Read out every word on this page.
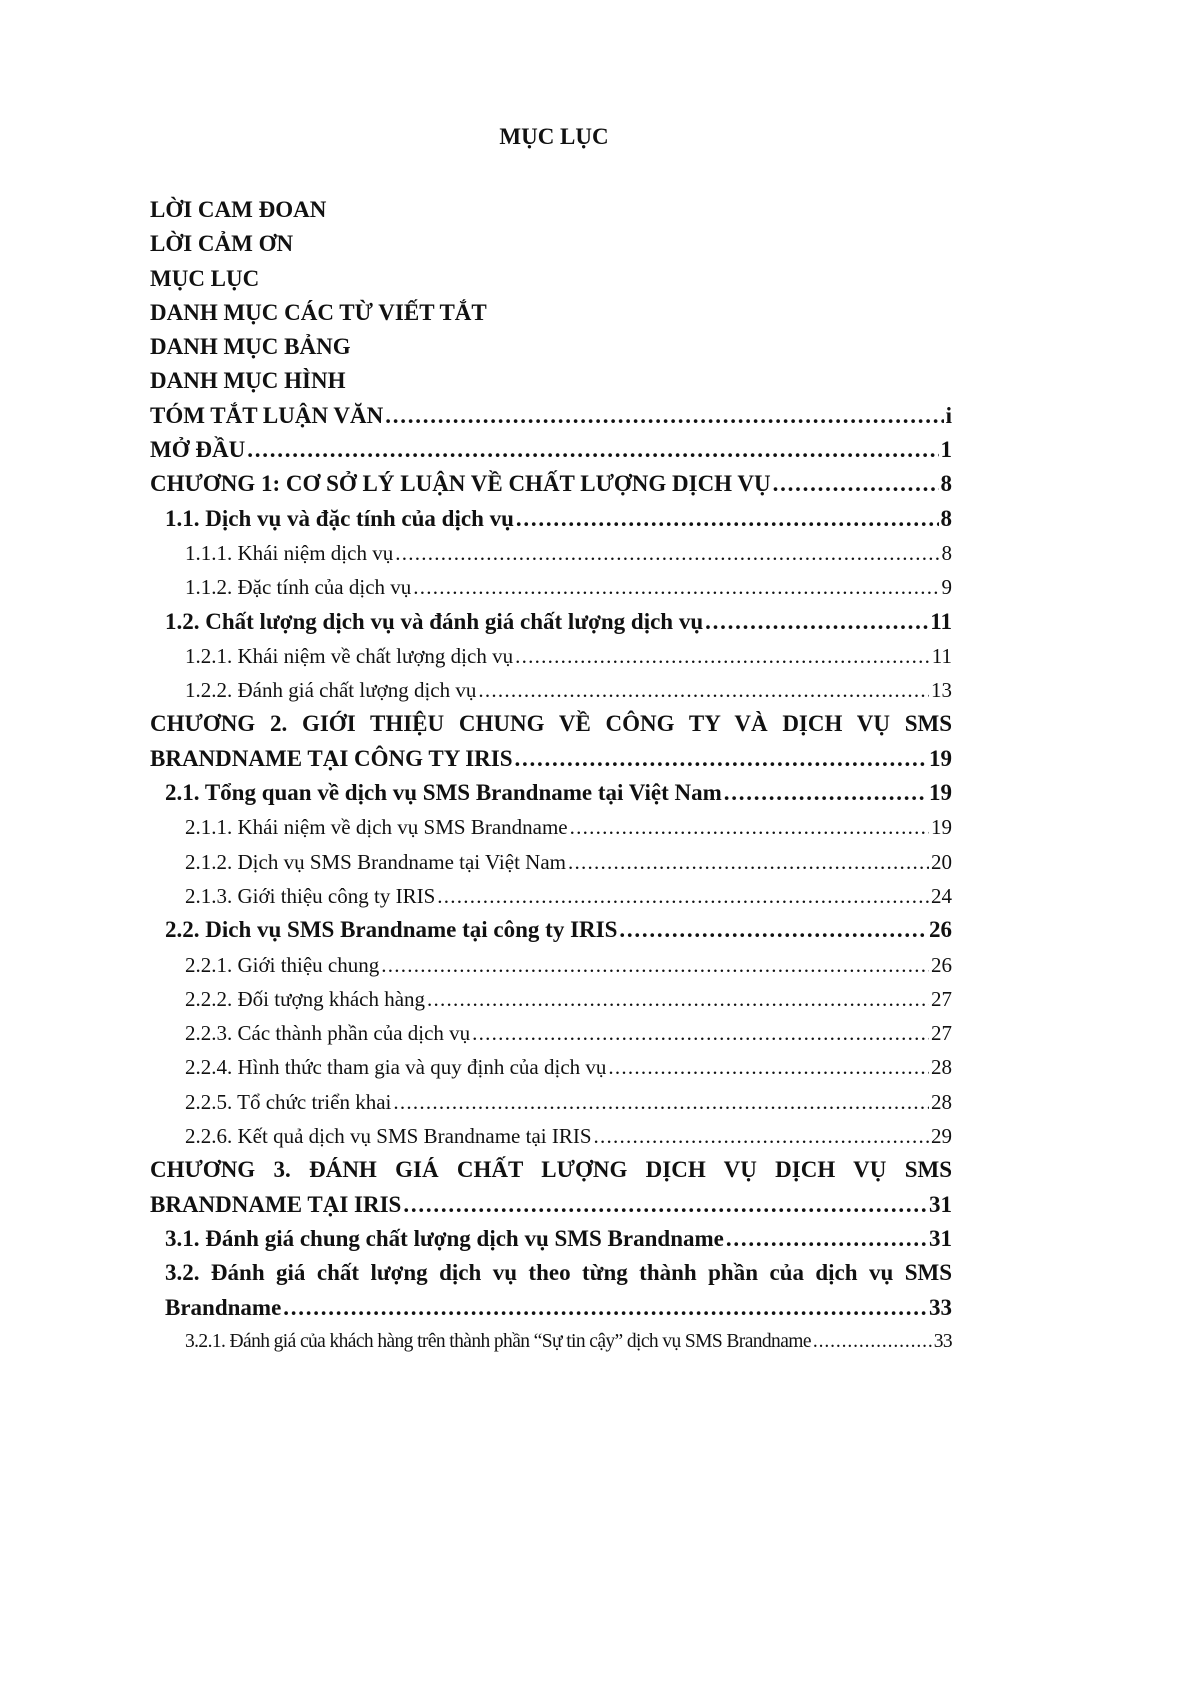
MỤC LỤC
LỜI CAM ĐOAN
LỜI CẢM ƠN
MỤC LỤC
DANH MỤC CÁC TỪ VIẾT TẮT
DANH MỤC BẢNG
DANH MỤC HÌNH
TÓM TẮT LUẬN VĂN . . .	i
MỞ ĐẦU . . .	1
CHƯƠNG 1: CƠ SỞ LÝ LUẬN VỀ CHẤT LƯỢNG DỊCH VỤ . . .	8
1.1. Dịch vụ và đặc tính của dịch vụ . . .	8
1.1.1. Khái niệm dịch vụ . . .	8
1.1.2. Đặc tính của dịch vụ . . .	9
1.2. Chất lượng dịch vụ và đánh giá chất lượng dịch vụ . . .	11
1.2.1. Khái niệm về chất lượng dịch vụ . . .	11
1.2.2. Đánh giá chất lượng dịch vụ . . .	13
CHƯƠNG 2. GIỚI THIỆU CHUNG VỀ CÔNG TY VÀ DỊCH VỤ SMS
BRANDNAME TẠI CÔNG TY IRIS . . .	19
2.1. Tổng quan về dịch vụ SMS Brandname tại Việt Nam . . .	19
2.1.1. Khái niệm về dịch vụ SMS Brandname . . .	19
2.1.2. Dịch vụ SMS Brandname tại Việt Nam . . .	20
2.1.3. Giới thiệu công ty IRIS . . .	24
2.2. Dich vụ SMS Brandname tại công ty IRIS . . .	26
2.2.1. Giới thiệu chung . . .	26
2.2.2. Đối tượng khách hàng . . .	27
2.2.3. Các thành phần của dịch vụ . . .	27
2.2.4. Hình thức tham gia và quy định của dịch vụ . . .	28
2.2.5. Tổ chức triển khai . . .	28
2.2.6. Kết quả dịch vụ SMS Brandname tại IRIS . . .	29
CHƯƠNG 3. ĐÁNH GIÁ CHẤT LƯỢNG DỊCH VỤ DỊCH VỤ SMS
BRANDNAME TẠI IRIS . . .	31
3.1. Đánh giá chung chất lượng dịch vụ SMS Brandname . . .	31
3.2. Đánh giá chất lượng dịch vụ theo từng thành phần của dịch vụ SMS
Brandname . . .	33
3.2.1. Đánh giá của khách hàng trên thành phần “Sự tin cậy” dịch vụ SMS Brandname . . .	33
